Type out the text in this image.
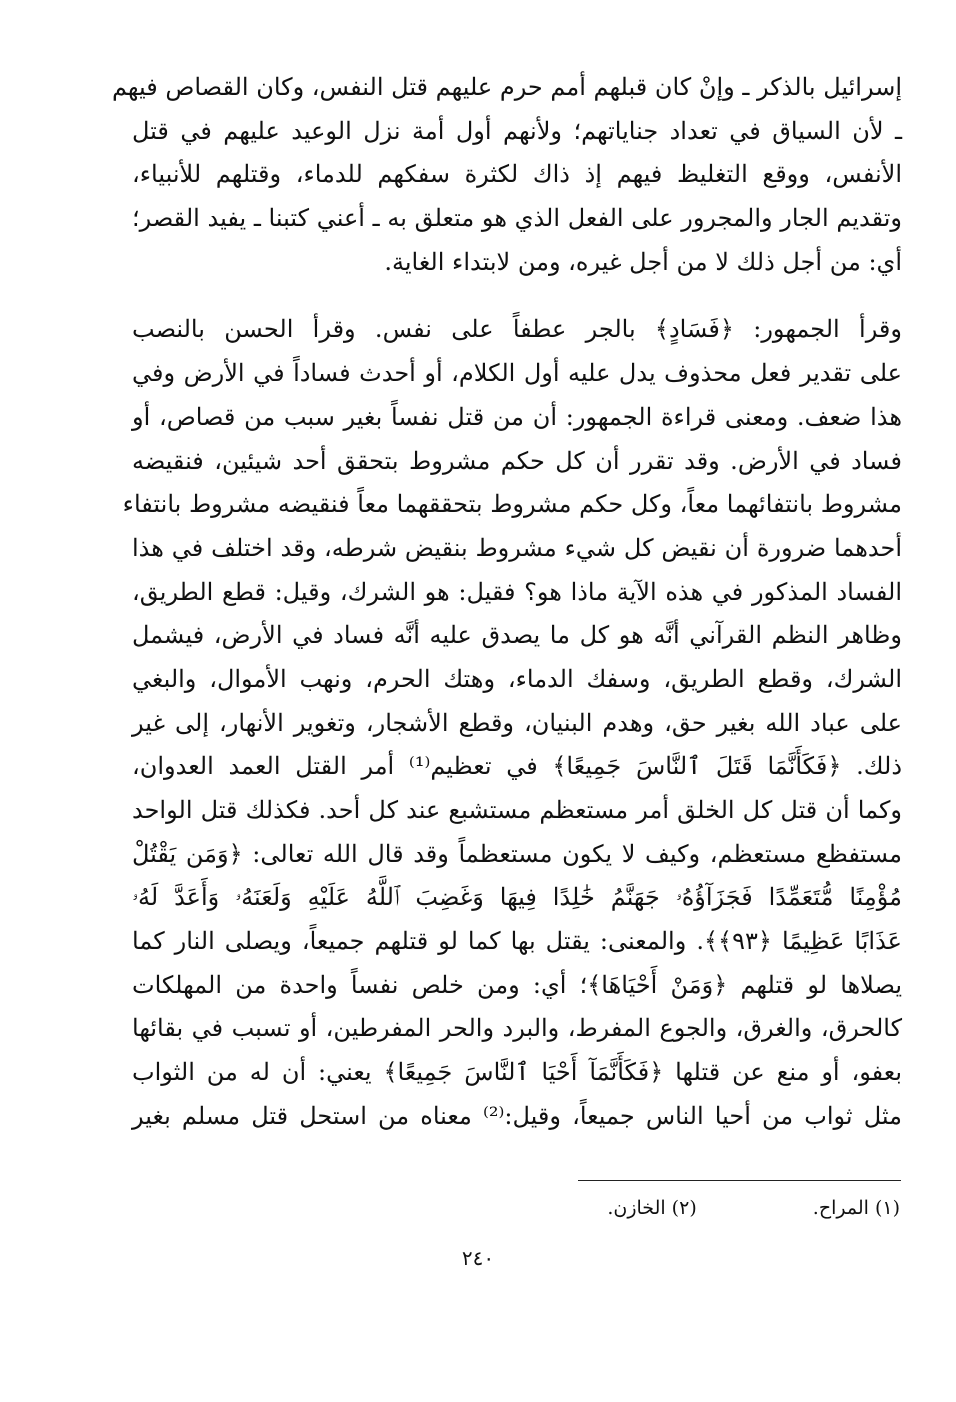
إسرائيل بالذكر ـ وإنْ كان قبلهم أمم حرم عليهم قتل النفس، وكان القصاص فيهم
ـ لأن السياق في تعداد جناياتهم؛ ولأنهم أول أمة نزل الوعيد عليهم في قتل
الأنفس، ووقع التغليظ فيهم إذ ذاك لكثرة سفكهم للدماء، وقتلهم للأنبياء،
وتقديم الجار والمجرور على الفعل الذي هو متعلق به ـ أعني كتبنا ـ يفيد القصر؛
أي: من أجل ذلك لا من أجل غيره، ومن لابتداء الغاية.
وقرأ الجمهور: ﴿فَسَادٍ﴾ بالجر عطفاً على نفس. وقرأ الحسن بالنصب
على تقدير فعل محذوف يدل عليه أول الكلام، أو أحدث فساداً في الأرض وفي
هذا ضعف. ومعنى قراءة الجمهور: أن من قتل نفساً بغير سبب من قصاص، أو
فساد في الأرض. وقد تقرر أن كل حكم مشروط بتحقق أحد شيئين، فنقيضه
مشروط بانتفائهما معاً، وكل حكم مشروط بتحققهما معاً فنقيضه مشروط بانتفاء
أحدهما ضرورة أن نقيض كل شيء مشروط بنقيض شرطه، وقد اختلف في هذا
الفساد المذكور في هذه الآية ماذا هو؟ فقيل: هو الشرك، وقيل: قطع الطريق،
وظاهر النظم القرآني أنَّه هو كل ما يصدق عليه أنَّه فساد في الأرض، فيشمل
الشرك، وقطع الطريق، وسفك الدماء، وهتك الحرم، ونهب الأموال، والبغي
على عباد الله بغير حق، وهدم البنيان، وقطع الأشجار، وتغوير الأنهار، إلى غير
ذلك. ﴿فَكَأَنَّمَا قَتَلَ ٱلنَّاسَ جَمِيعًا﴾ في تعظيم⁽¹⁾ أمر القتل العمد العدوان،
وكما أن قتل كل الخلق أمر مستعظم مستشبع عند كل أحد. فكذلك قتل الواحد
مستفظع مستعظم، وكيف لا يكون مستعظماً وقد قال الله تعالى: ﴿وَمَن يَقْتُلْ
مُؤْمِنًا مُّتَعَمِّدًا فَجَزَآؤُهُۥ جَهَنَّمُ خَٰلِدًا فِيهَا وَغَضِبَ ٱللَّهُ عَلَيْهِ وَلَعَنَهُۥ وَأَعَدَّ لَهُۥ
عَذَابًا عَظِيمًا ﴿٩٣﴾﴾. والمعنى: يقتل بها كما لو قتلهم جميعاً، ويصلى النار كما
يصلاها لو قتلهم ﴿وَمَنْ أَحْيَاهَا﴾؛ أي: ومن خلص نفساً واحدة من المهلكات
كالحرق، والغرق، والجوع المفرط، والبرد والحر المفرطين، أو تسبب في بقائها
بعفو، أو منع عن قتلها ﴿فَكَأَنَّمَآ أَحْيَا ٱلنَّاسَ جَمِيعًا﴾ يعني: أن له من الثواب
مثل ثواب من أحيا الناس جميعاً، وقيل:⁽²⁾ معناه من استحل قتل مسلم بغير
(١) المراح. (٢) الخازن.
٢٤٠
